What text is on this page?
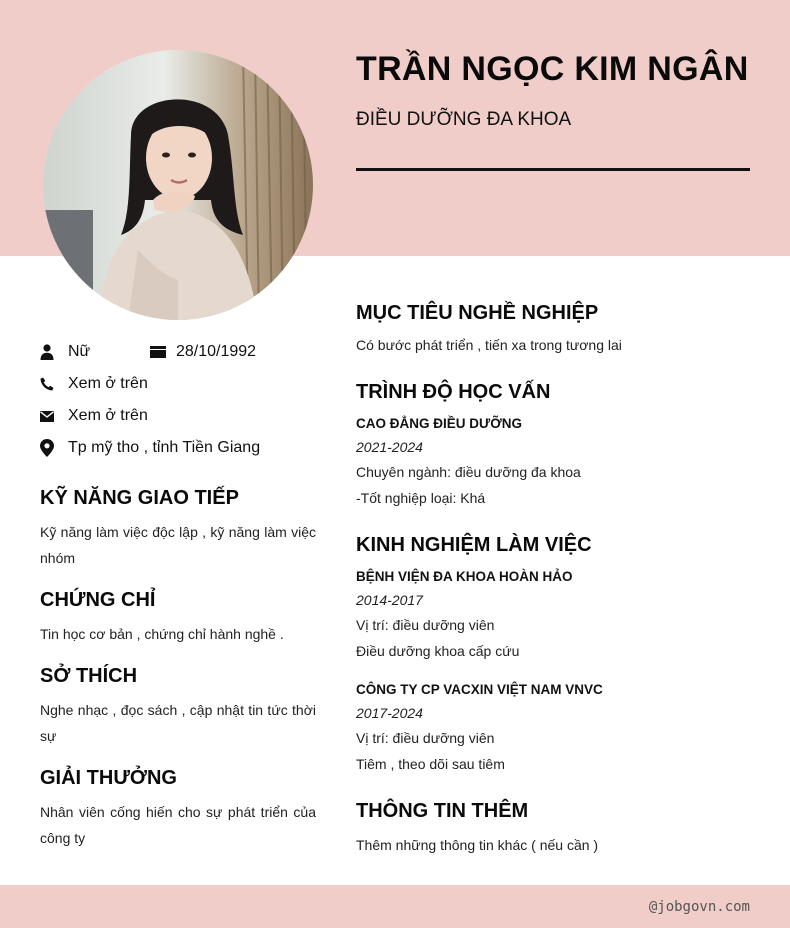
TRẦN NGỌC KIM NGÂN
ĐIỀU DƯỠNG ĐA KHOA
Nữ	28/10/1992
Xem ở trên
Xem ở trên
Tp mỹ tho , tỉnh Tiền Giang
KỸ NĂNG GIAO TIẾP
Kỹ năng làm việc độc lập , kỹ năng làm việc nhóm
CHỨNG CHỈ
Tin học cơ bản , chứng chỉ hành nghề .
SỞ THÍCH
Nghe nhạc , đọc sách , cập nhật tin tức thời sự
GIẢI THƯỞNG
Nhân viên cống hiến cho sự phát triển của công ty
MỤC TIÊU NGHỀ NGHIỆP
Có bước phát triển , tiến xa trong tương lai
TRÌNH ĐỘ HỌC VẤN
CAO ĐẲNG ĐIỀU DƯỠNG
2021-2024
Chuyên ngành: điều dưỡng đa khoa
-Tốt nghiệp loại: Khá
KINH NGHIỆM LÀM VIỆC
BỆNH VIỆN ĐA KHOA HOÀN HẢO
2014-2017
Vị trí: điều dưỡng viên
Điều dưỡng khoa cấp cứu
CÔNG TY CP VACXIN VIỆT NAM VNVC
2017-2024
Vị trí: điều dưỡng viên
Tiêm , theo dõi sau tiêm
THÔNG TIN THÊM
Thêm những thông tin khác ( nếu cần )
@jobgovn.com
